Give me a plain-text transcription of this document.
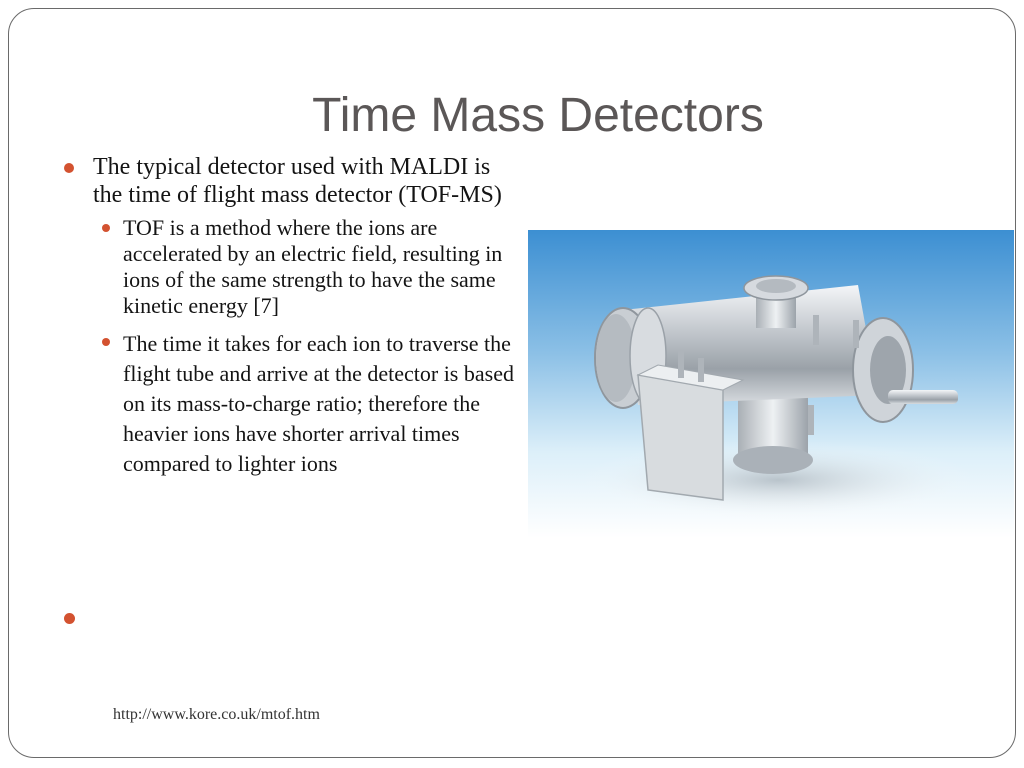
Time Mass Detectors
The typical detector used with MALDI is the time of flight mass detector (TOF-MS)
TOF is a method where the ions are accelerated by an electric field, resulting in ions of the same strength to have the same kinetic energy [7]
The time it takes for each ion to traverse the flight tube and arrive at the detector is based on its mass-to-charge ratio; therefore the heavier ions have shorter arrival times compared to lighter ions
http://www.kore.co.uk/mtof.htm
